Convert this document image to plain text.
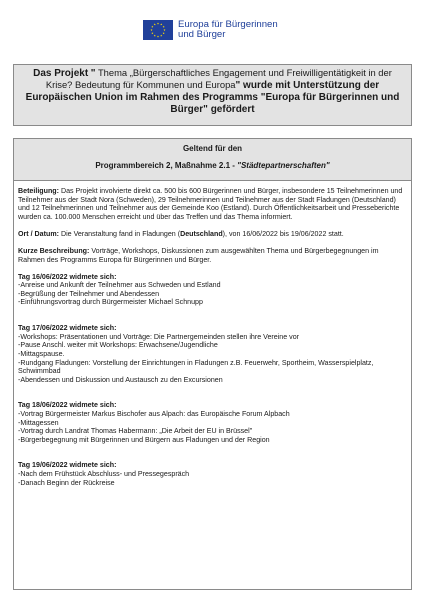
Europa für Bürgerinnen
und Bürger

Das Projekt " Thema „Bürgerschaftliches Engagement und Freiwilligentätigkeit in der Krise? Bedeutung für Kommunen und Europa" wurde mit Unterstützung der Europäischen Union im Rahmen des Programms "Europa für Bürgerinnen und Bürger" gefördert

Geltend für den
Programmbereich 2, Maßnahme 2.1 - "Städtepartnerschaften"
Beteiligung: Das Projekt involvierte direkt ca. 500 bis 600 Bürgerinnen und Bürger, insbesondere 15 Teilnehmerinnen und Teilnehmer aus der Stadt Nora (Schweden), 29 Teilnehmerinnen und Teilnehmer aus der Stadt Fladungen (Deutschland) und 12 Teilnehmerinnen und Teilnehmer aus der Gemeinde Koo (Estland). Durch Öffentlichkeitsarbeit und Presseberichte wurden ca. 100.000 Menschen erreicht und über das Treffen und das Thema informiert.
Ort / Datum: Die Veranstaltung fand in Fladungen (Deutschland), von 16/06/2022 bis 19/06/2022 statt.
Kurze Beschreibung: Vorträge, Workshops, Diskussionen zum ausgewählten Thema und Bürgerbegegnungen im Rahmen des Programms Europa für Bürgerinnen und Bürger.
Tag 16/06/2022 widmete sich:
-Anreise und Ankunft der Teilnehmer aus Schweden und Estland
-Begrüßung der Teilnehmer und Abendessen
-Einführungsvortrag durch Bürgermeister Michael Schnupp
Tag 17/06/2022 widmete sich:
-Workshops: Präsentationen und Vorträge: Die Partnergemeinden stellen ihre Vereine vor
-Pause Anschl. weiter mit Workshops: Erwachsene/Jugendliche
-Mittagspause.
-Rundgang Fladungen: Vorstellung der Einrichtungen in Fladungen z.B. Feuerwehr, Sportheim, Wasserspielplatz, Schwimmbad
-Abendessen und Diskussion und Austausch zu den Excursionen
Tag 18/06/2022 widmete sich:
-Vortrag Bürgermeister Markus Bischofer aus Alpach: das Europäische Forum Alpbach
-Mittagessen
-Vortrag durch Landrat Thomas Habermann: „Die Arbeit der EU in Brüssel"
-Bürgerbegegnung mit Bürgerinnen und Bürgern aus Fladungen und der Region
Tag 19/06/2022 widmete sich:
-Nach dem Frühstück Abschluss- und Pressegespräch
-Danach Beginn der Rückreise
